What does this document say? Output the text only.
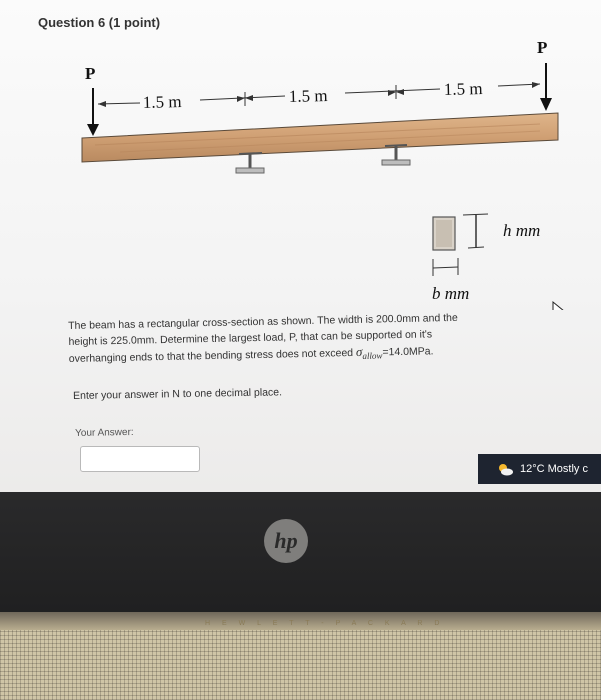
Question 6 (1 point)
P
P
1.5 m	1.5 m	1.5 m
h mm
b mm
The beam has a rectangular cross-section as shown. The width is 200.0mm and the
height is 225.0mm. Determine the largest load, P, that can be supported on it's
overhanging ends to that the bending stress does not exceed $\sigma_{allow}=14.0MPa$.
Enter your answer in N to one decimal place.
Your Answer:
12°C Mostly c
hp
H E W L E T T - P A C K A R D
